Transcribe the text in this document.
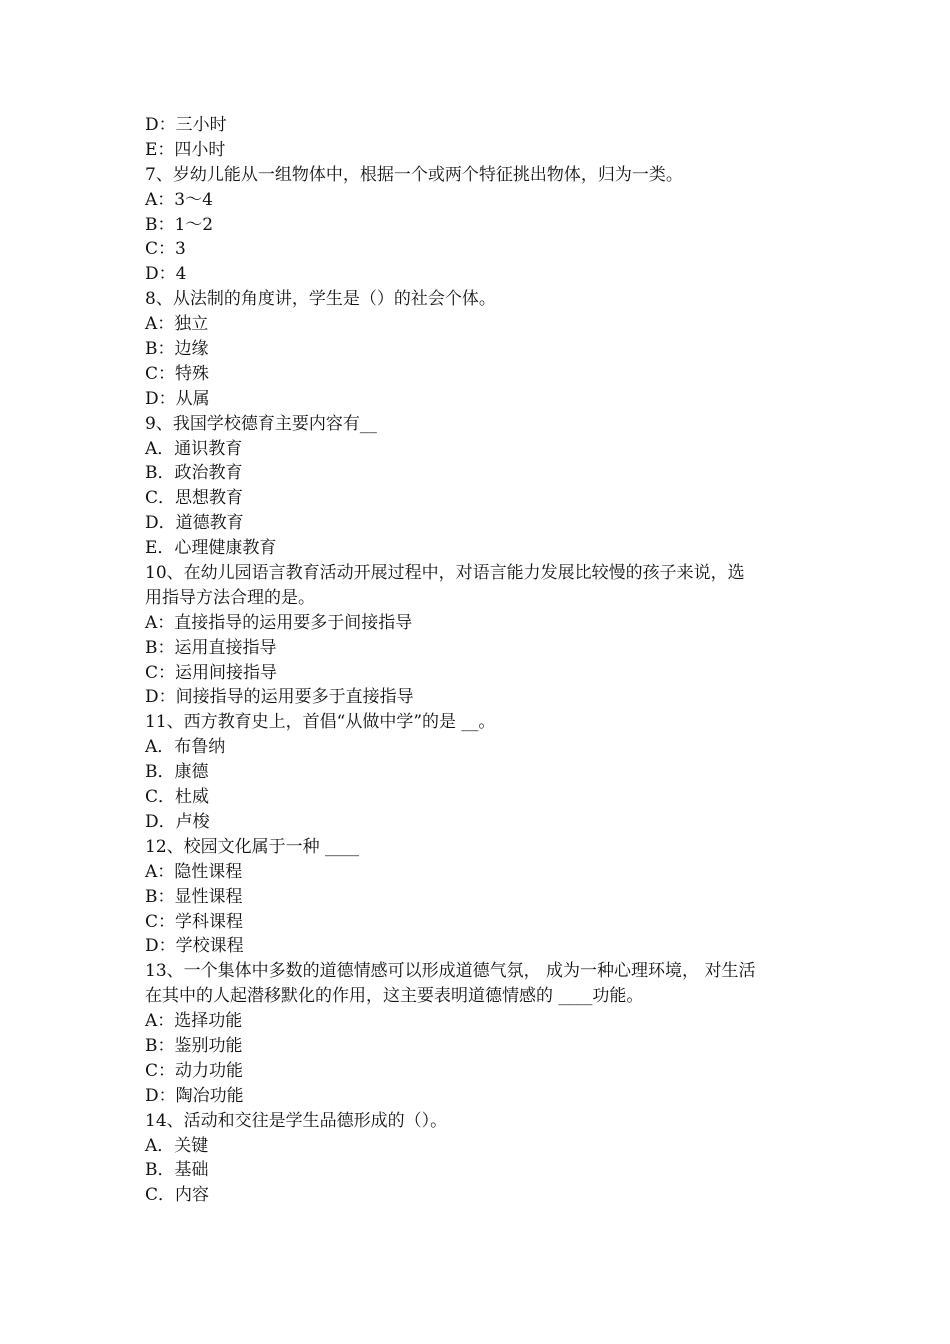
D：三小时
E：四小时
7、岁幼儿能从一组物体中，根据一个或两个特征挑出物体，归为一类。
A：3～4
B：1～2
C：3
D：4
8、从法制的角度讲，学生是（）的社会个体。
A：独立
B：边缘
C：特殊
D：从属
9、我国学校德育主要内容有__
A．通识教育
B．政治教育
C．思想教育
D．道德教育
E．心理健康教育
10、在幼儿园语言教育活动开展过程中，对语言能力发展比较慢的孩子来说，选
用指导方法合理的是。
A：直接指导的运用要多于间接指导
B：运用直接指导
C：运用间接指导
D：间接指导的运用要多于直接指导
11、西方教育史上，首倡“从做中学”的是 __。
A．布鲁纳
B．康德
C．杜威
D．卢梭
12、校园文化属于一种 ____
A：隐性课程
B：显性课程
C：学科课程
D：学校课程
13、一个集体中多数的道德情感可以形成道德气氛， 成为一种心理环境， 对生活
在其中的人起潜移默化的作用，这主要表明道德情感的 ____功能。
A：选择功能
B：鉴别功能
C：动力功能
D：陶冶功能
14、活动和交往是学生品德形成的（）。
A．关键
B．基础
C．内容
